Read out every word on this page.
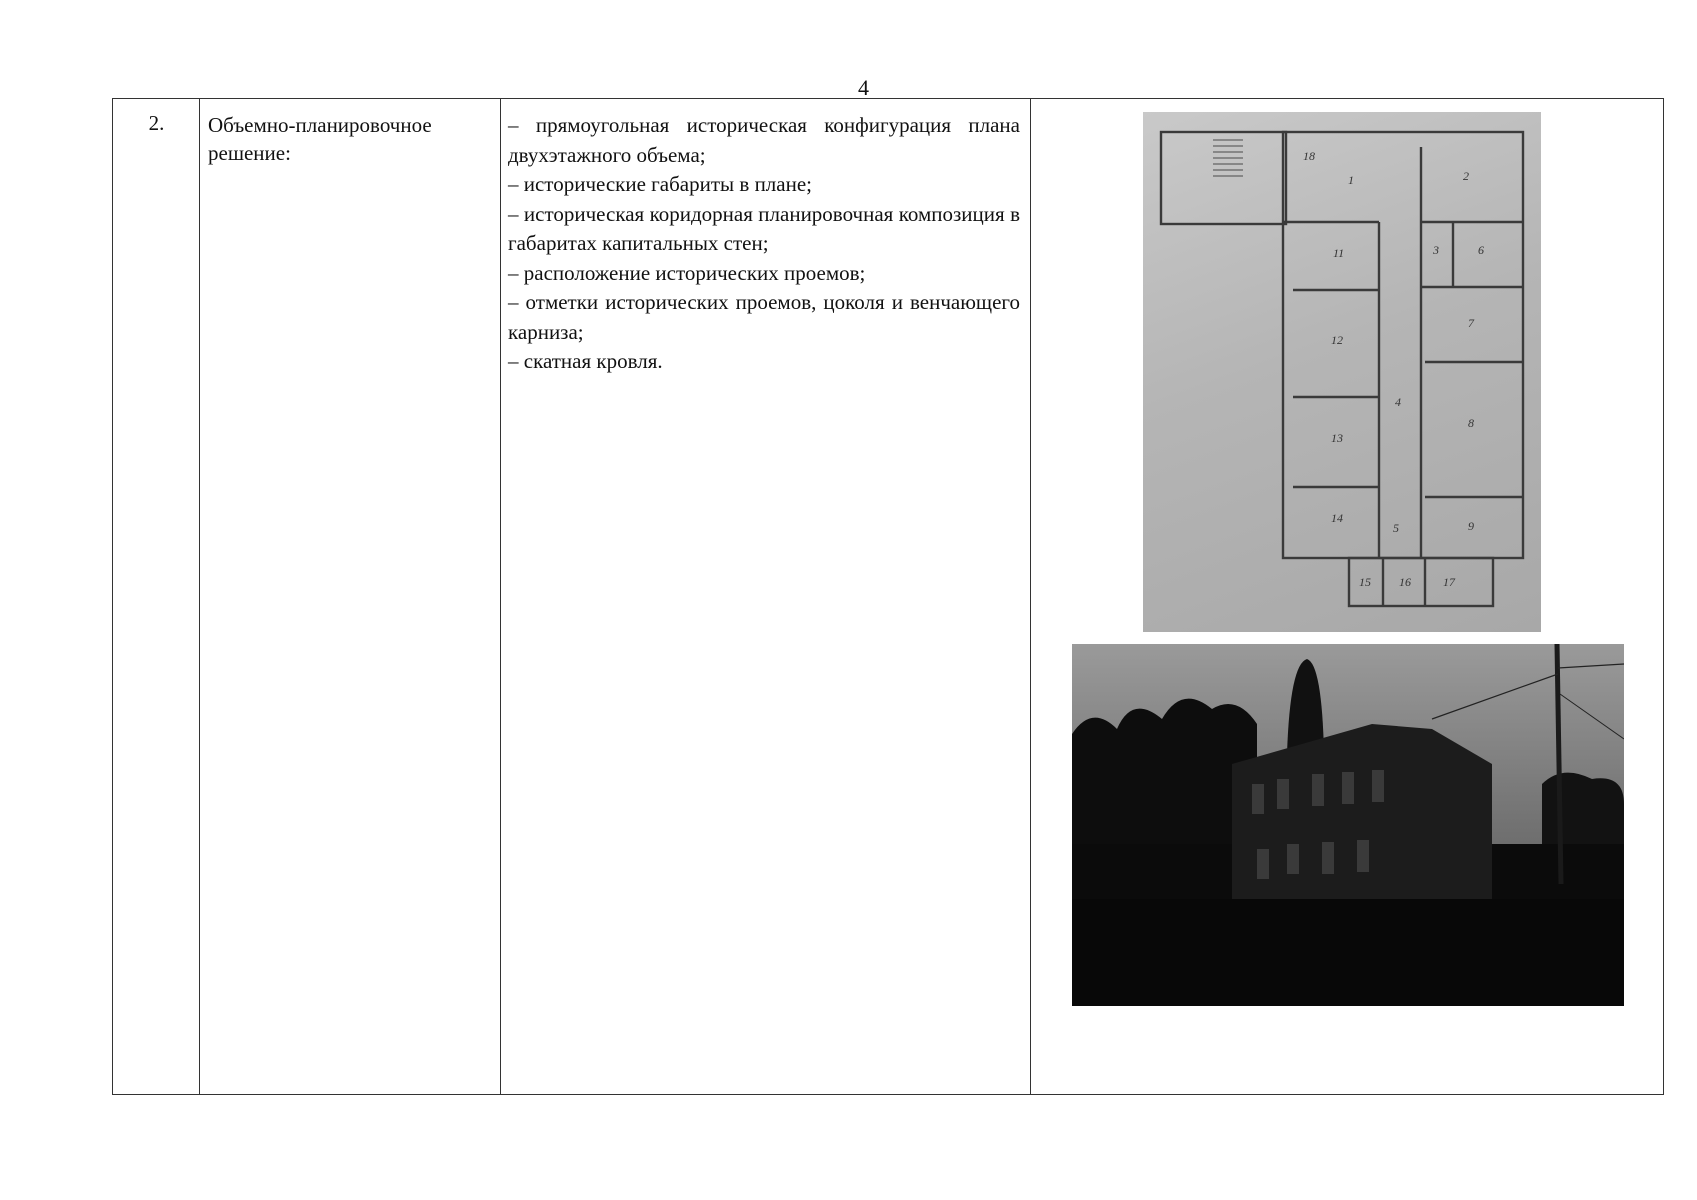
4
2.	Объемно-планировочное решение:
– прямоугольная историческая конфигурация плана двухэтажного объема;
– исторические габариты в плане;
– историческая коридорная планировочная композиция в габаритах капитальных стен;
– расположение исторических проемов;
– отметки исторических проемов, цоколя и венчающего карниза;
– скатная кровля.
18
1	2
3	6
11
7
12
8
13
9
14
5
4
15 16	17
